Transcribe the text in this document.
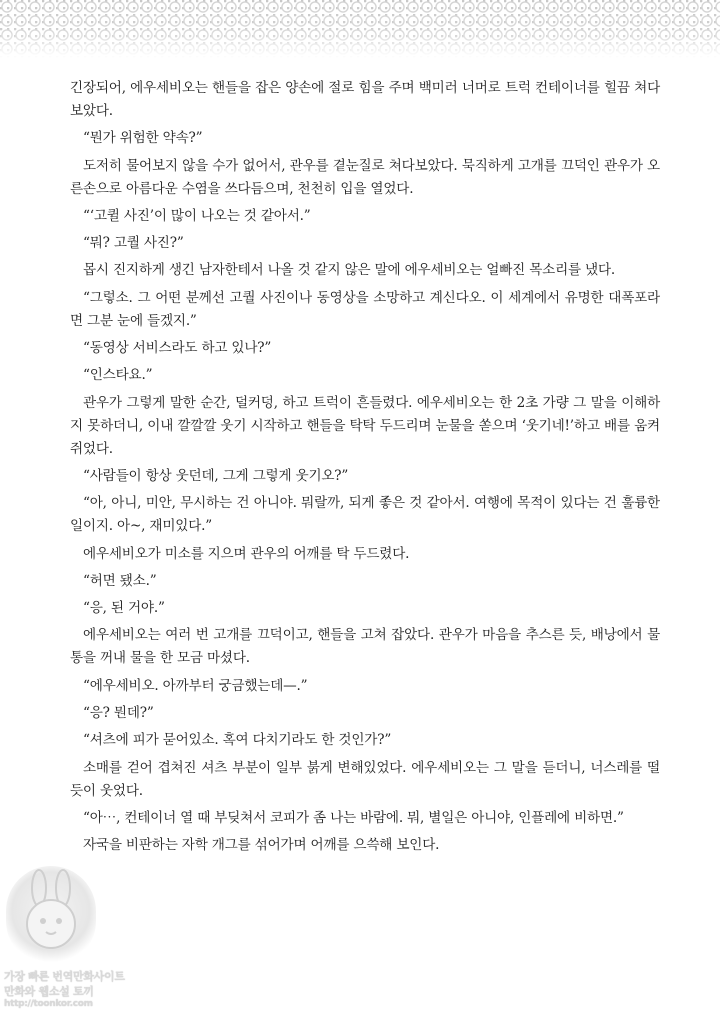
긴장되어, 에우세비오는 핸들을 잡은 양손에 절로 힘을 주며 백미러 너머로 트럭 컨테이너를 힐끔 쳐다보았다.

“뭔가 위험한 약속?”

도저히 물어보지 않을 수가 없어서, 관우를 곁눈질로 쳐다보았다. 묵직하게 고개를 끄덕인 관우가 오른손으로 아름다운 수염을 쓰다듬으며, 천천히 입을 열었다.

“‘고퀼 사진’이 많이 나오는 것 같아서.”

“뭐? 고퀄 사진?”

몹시 진지하게 생긴 남자한테서 나올 것 같지 않은 말에 에우세비오는 얼빠진 목소리를 냈다.

“그렇소. 그 어떤 분께선 고퀄 사진이나 동영상을 소망하고 계신다오. 이 세계에서 유명한 대폭포라면 그분 눈에 들겠지.”

“동영상 서비스라도 하고 있나?”

“인스타요.”

관우가 그렇게 말한 순간, 덜커덩, 하고 트럭이 흔들렸다. 에우세비오는 한 2초 가량 그 말을 이해하지 못하더니, 이내 깔깔깔 웃기 시작하고 핸들을 탁탁 두드리며 눈물을 쏟으며 ‘웃기네!’하고 배를 움켜쥐었다.

“사람들이 항상 웃던데, 그게 그렇게 웃기오?”

“아, 아니, 미안, 무시하는 건 아니야. 뭐랄까, 되게 좋은 것 같아서. 여행에 목적이 있다는 건 훌륭한 일이지. 아~, 재미있다.”

에우세비오가 미소를 지으며 관우의 어깨를 탁 두드렸다.

“허면 됐소.”

“응, 된 거야.”

에우세비오는 여러 번 고개를 끄덕이고, 핸들을 고쳐 잡았다. 관우가 마음을 추스른 듯, 배낭에서 물통을 꺼내 물을 한 모금 마셨다.

“에우세비오. 아까부터 궁금했는데—.”

“응? 뭔데?”

“셔츠에 피가 묻어있소. 혹여 다치기라도 한 것인가?”

소매를 걷어 겹쳐진 셔츠 부분이 일부 붉게 변해있었다. 에우세비오는 그 말을 듣더니, 너스레를 떨듯이 웃었다.

“아⋯, 컨테이너 열 때 부딪쳐서 코피가 좀 나는 바람에. 뭐, 별일은 아니야, 인플레에 비하면.”

자국을 비판하는 자학 개그를 섞어가며 어깨를 으쓱해 보인다.

가장 빠른 번역만화사이트
만화와 웹소설 토끼
http://toonkor.com
